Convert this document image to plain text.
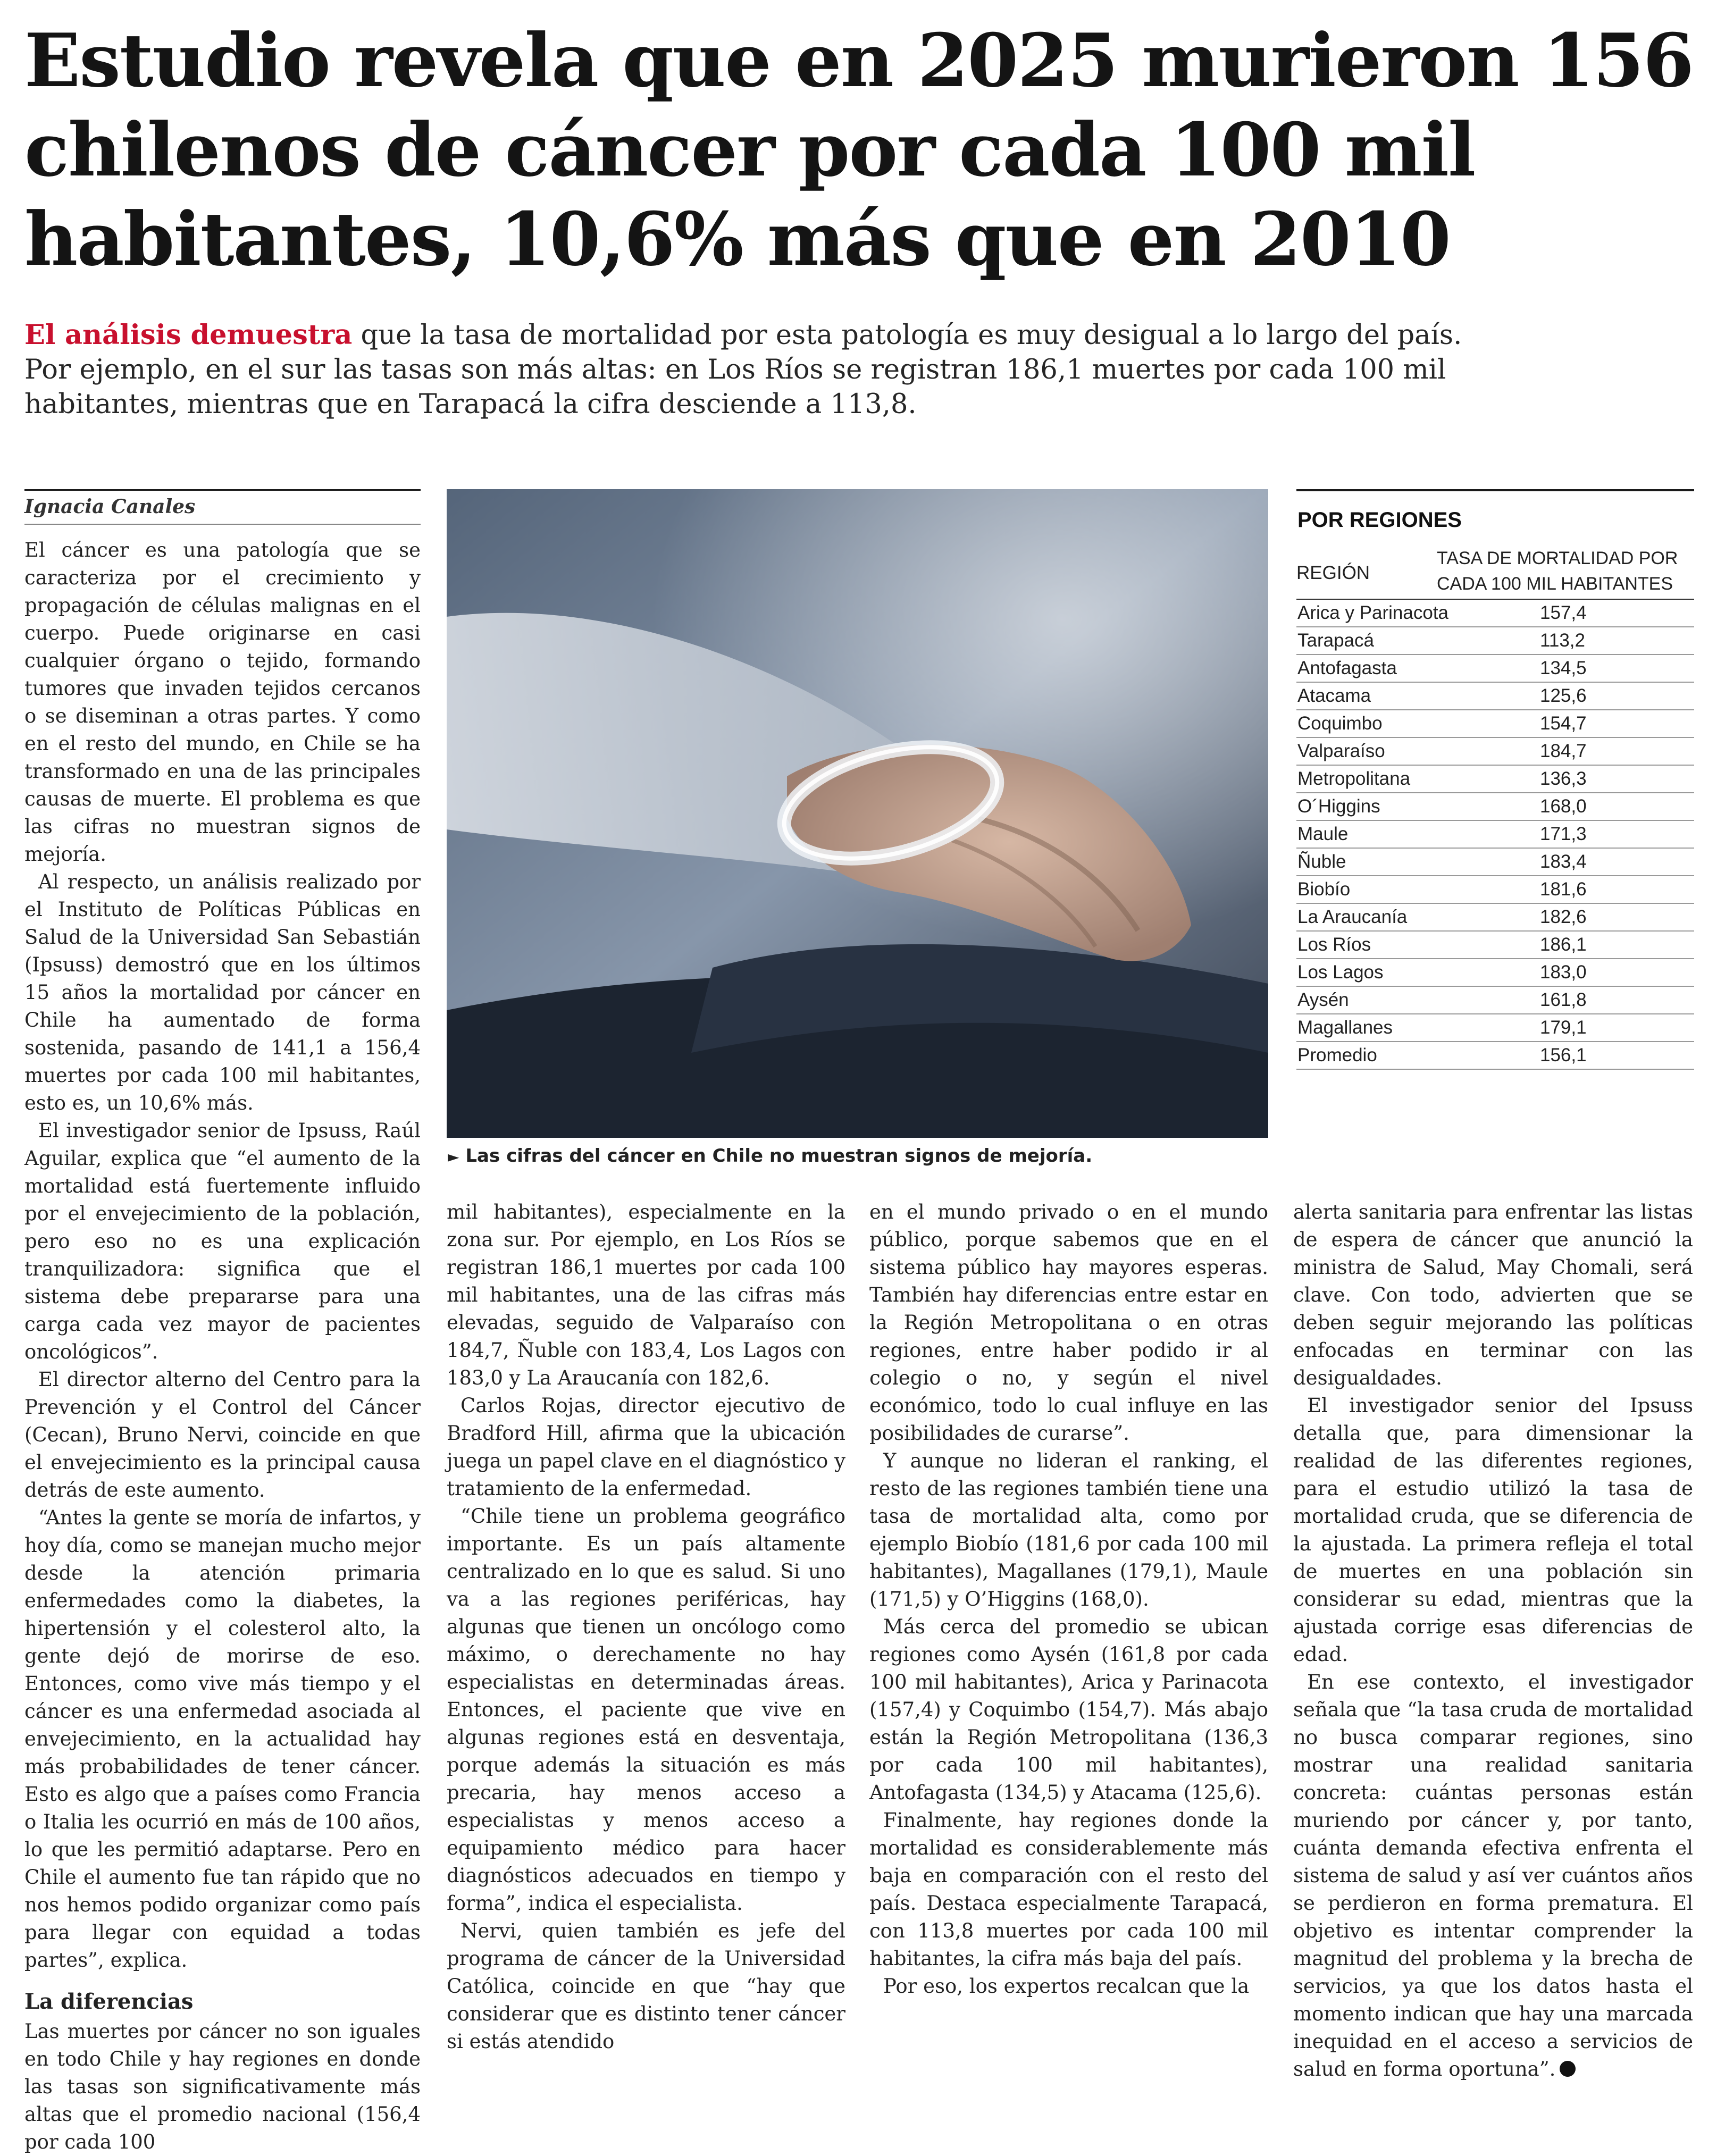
Estudio revela que en 2025 murieron 156 chilenos de cáncer por cada 100 mil habitantes, 10,6% más que en 2010

El análisis demuestra que la tasa de mortalidad por esta patología es muy desigual a lo largo del país. Por ejemplo, en el sur las tasas son más altas: en Los Ríos se registran 186,1 muertes por cada 100 mil habitantes, mientras que en Tarapacá la cifra desciende a 113,8.

Ignacia Canales

El cáncer es una patología que se caracteriza por el crecimiento y propagación de células malignas en el cuerpo. Puede originarse en casi cualquier órgano o tejido, formando tumores que invaden tejidos cercanos o se diseminan a otras partes. Y como en el resto del mundo, en Chile se ha transformado en una de las principales causas de muerte. El problema es que las cifras no muestran signos de mejoría.

Al respecto, un análisis realizado por el Instituto de Políticas Públicas en Salud de la Universidad San Sebastián (Ipsuss) demostró que en los últimos 15 años la mortalidad por cáncer en Chile ha aumentado de forma sostenida, pasando de 141,1 a 156,4 muertes por cada 100 mil habitantes, esto es, un 10,6% más.

El investigador senior de Ipsuss, Raúl Aguilar, explica que “el aumento de la mortalidad está fuertemente influido por el envejecimiento de la población, pero eso no es una explicación tranquilizadora: significa que el sistema debe prepararse para una carga cada vez mayor de pacientes oncológicos”.

El director alterno del Centro para la Prevención y el Control del Cáncer (Cecan), Bruno Nervi, coincide en que el envejecimiento es la principal causa detrás de este aumento.

“Antes la gente se moría de infartos, y hoy día, como se manejan mucho mejor desde la atención primaria enfermedades como la diabetes, la hipertensión y el colesterol alto, la gente dejó de morirse de eso. Entonces, como vive más tiempo y el cáncer es una enfermedad asociada al envejecimiento, en la actualidad hay más probabilidades de tener cáncer. Esto es algo que a países como Francia o Italia les ocurrió en más de 100 años, lo que les permitió adaptarse. Pero en Chile el aumento fue tan rápido que no nos hemos podido organizar como país para llegar con equidad a todas partes”, explica.

La diferencias

Las muertes por cáncer no son iguales en todo Chile y hay regiones en donde las tasas son significativamente más altas que el promedio nacional (156,4 por cada 100

► Las cifras del cáncer en Chile no muestran signos de mejoría.
POR REGIONES
REGIÓN
TASA DE MORTALIDAD POR CADA 100 MIL HABITANTES
Arica y Parinacota	157,4
Tarapacá	113,2
Antofagasta	134,5
Atacama	125,6
Coquimbo	154,7
Valparaíso	184,7
Metropolitana	136,3
O´Higgins	168,0
Maule	171,3
Ñuble	183,4
Biobío	181,6
La Araucanía	182,6
Los Ríos	186,1
Los Lagos	183,0
Aysén	161,8
Magallanes	179,1
Promedio	156,1

mil habitantes), especialmente en la zona sur. Por ejemplo, en Los Ríos se registran 186,1 muertes por cada 100 mil habitantes, una de las cifras más elevadas, seguido de Valparaíso con 184,7, Ñuble con 183,4, Los Lagos con 183,0 y La Araucanía con 182,6.

Carlos Rojas, director ejecutivo de Bradford Hill, afirma que la ubicación juega un papel clave en el diagnóstico y tratamiento de la enfermedad.

“Chile tiene un problema geográfico importante. Es un país altamente centralizado en lo que es salud. Si uno va a las regiones periféricas, hay algunas que tienen un oncólogo como máximo, o derechamente no hay especialistas en determinadas áreas. Entonces, el paciente que vive en algunas regiones está en desventaja, porque además la situación es más precaria, hay menos acceso a especialistas y menos acceso a equipamiento médico para hacer diagnósticos adecuados en tiempo y forma”, indica el especialista.

Nervi, quien también es jefe del programa de cáncer de la Universidad Católica, coincide en que “hay que considerar que es distinto tener cáncer si estás atendido

en el mundo privado o en el mundo público, porque sabemos que en el sistema público hay mayores esperas. También hay diferencias entre estar en la Región Metropolitana o en otras regiones, entre haber podido ir al colegio o no, y según el nivel económico, todo lo cual influye en las posibilidades de curarse”.

Y aunque no lideran el ranking, el resto de las regiones también tiene una tasa de mortalidad alta, como por ejemplo Biobío (181,6 por cada 100 mil habitantes), Magallanes (179,1), Maule (171,5) y O’Higgins (168,0).

Más cerca del promedio se ubican regiones como Aysén (161,8 por cada 100 mil habitantes), Arica y Parinacota (157,4) y Coquimbo (154,7). Más abajo están la Región Metropolitana (136,3 por cada 100 mil habitantes), Antofagasta (134,5) y Atacama (125,6).

Finalmente, hay regiones donde la mortalidad es considerablemente más baja en comparación con el resto del país. Destaca especialmente Tarapacá, con 113,8 muertes por cada 100 mil habitantes, la cifra más baja del país.

Por eso, los expertos recalcan que la

alerta sanitaria para enfrentar las listas de espera de cáncer que anunció la ministra de Salud, May Chomali, será clave. Con todo, advierten que se deben seguir mejorando las políticas enfocadas en terminar con las desigualdades.

El investigador senior del Ipsuss detalla que, para dimensionar la realidad de las diferentes regiones, para el estudio utilizó la tasa de mortalidad cruda, que se diferencia de la ajustada. La primera refleja el total de muertes en una población sin considerar su edad, mientras que la ajustada corrige esas diferencias de edad.

En ese contexto, el investigador señala que “la tasa cruda de mortalidad no busca comparar regiones, sino mostrar una realidad sanitaria concreta: cuántas personas están muriendo por cáncer y, por tanto, cuánta demanda efectiva enfrenta el sistema de salud y así ver cuántos años se perdieron en forma prematura. El objetivo es intentar comprender la magnitud del problema y la brecha de servicios, ya que los datos hasta el momento indican que hay una marcada inequidad en el acceso a servicios de salud en forma oportuna”.
